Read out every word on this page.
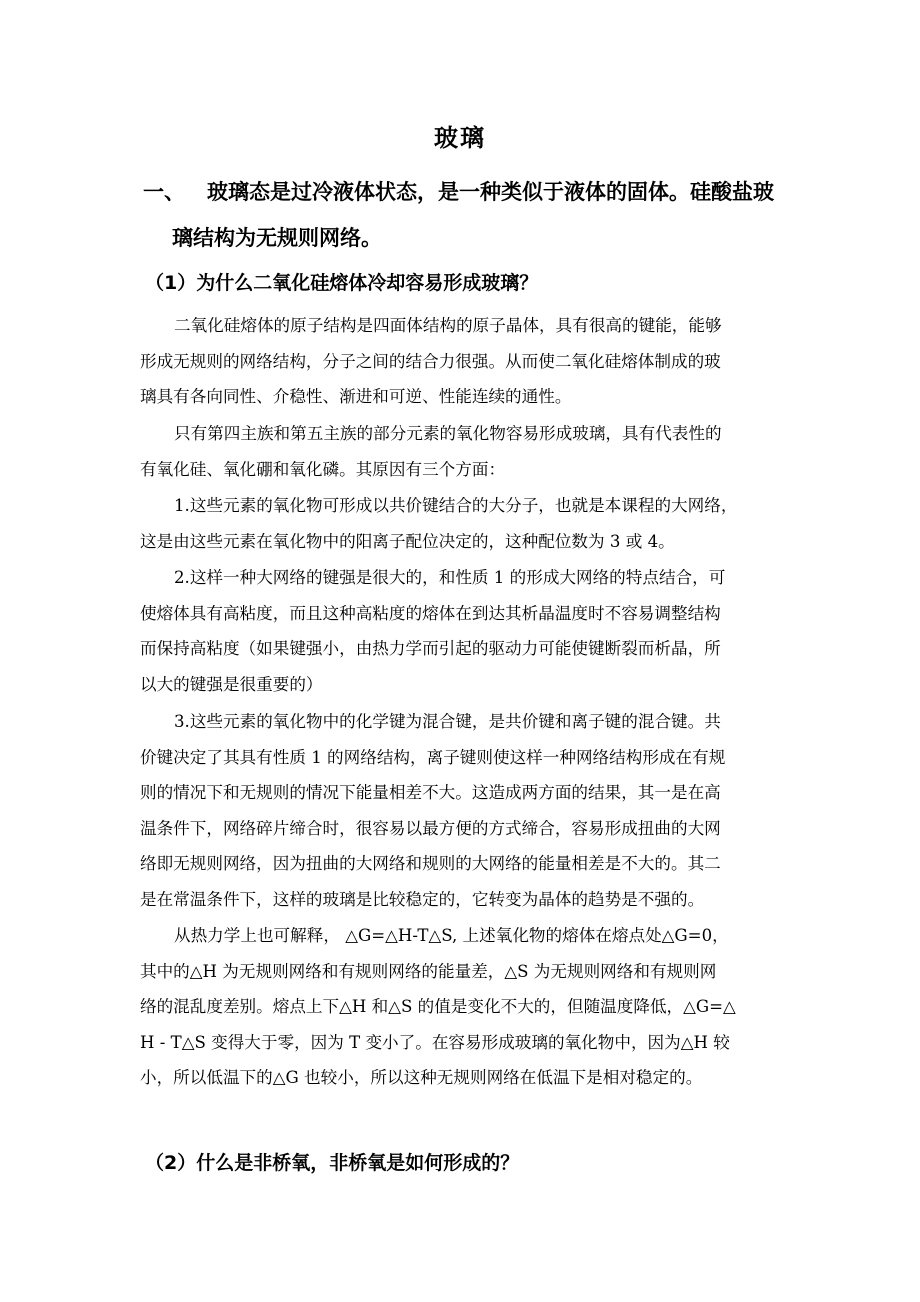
玻璃
一、 玻璃态是过冷液体状态，是一种类似于液体的固体。硅酸盐玻
璃结构为无规则网络。
（1）为什么二氧化硅熔体冷却容易形成玻璃？
二氧化硅熔体的原子结构是四面体结构的原子晶体，具有很高的键能，能够
形成无规则的网络结构，分子之间的结合力很强。从而使二氧化硅熔体制成的玻
璃具有各向同性、介稳性、渐进和可逆、性能连续的通性。
只有第四主族和第五主族的部分元素的氧化物容易形成玻璃，具有代表性的
有氧化硅、氧化硼和氧化磷。其原因有三个方面：
1.这些元素的氧化物可形成以共价键结合的大分子，也就是本课程的大网络，
这是由这些元素在氧化物中的阳离子配位决定的，这种配位数为 3 或 4。
2.这样一种大网络的键强是很大的，和性质 1 的形成大网络的特点结合，可
使熔体具有高粘度，而且这种高粘度的熔体在到达其析晶温度时不容易调整结构
而保持高粘度（如果键强小，由热力学而引起的驱动力可能使键断裂而析晶，所
以大的键强是很重要的）
3.这些元素的氧化物中的化学键为混合键，是共价键和离子键的混合键。共
价键决定了其具有性质 1 的网络结构，离子键则使这样一种网络结构形成在有规
则的情况下和无规则的情况下能量相差不大。这造成两方面的结果，其一是在高
温条件下，网络碎片缔合时，很容易以最方便的方式缔合，容易形成扭曲的大网
络即无规则网络，因为扭曲的大网络和规则的大网络的能量相差是不大的。其二
是在常温条件下，这样的玻璃是比较稳定的，它转变为晶体的趋势是不强的。
从热力学上也可解释， △G=△H-T△S, 上述氧化物的熔体在熔点处△G=0，
其中的△H 为无规则网络和有规则网络的能量差，△S 为无规则网络和有规则网
络的混乱度差别。熔点上下△H 和△S 的值是变化不大的，但随温度降低，△G=△
H - T△S 变得大于零，因为 T 变小了。在容易形成玻璃的氧化物中，因为△H 较
小，所以低温下的△G 也较小，所以这种无规则网络在低温下是相对稳定的。
（2）什么是非桥氧，非桥氧是如何形成的？
